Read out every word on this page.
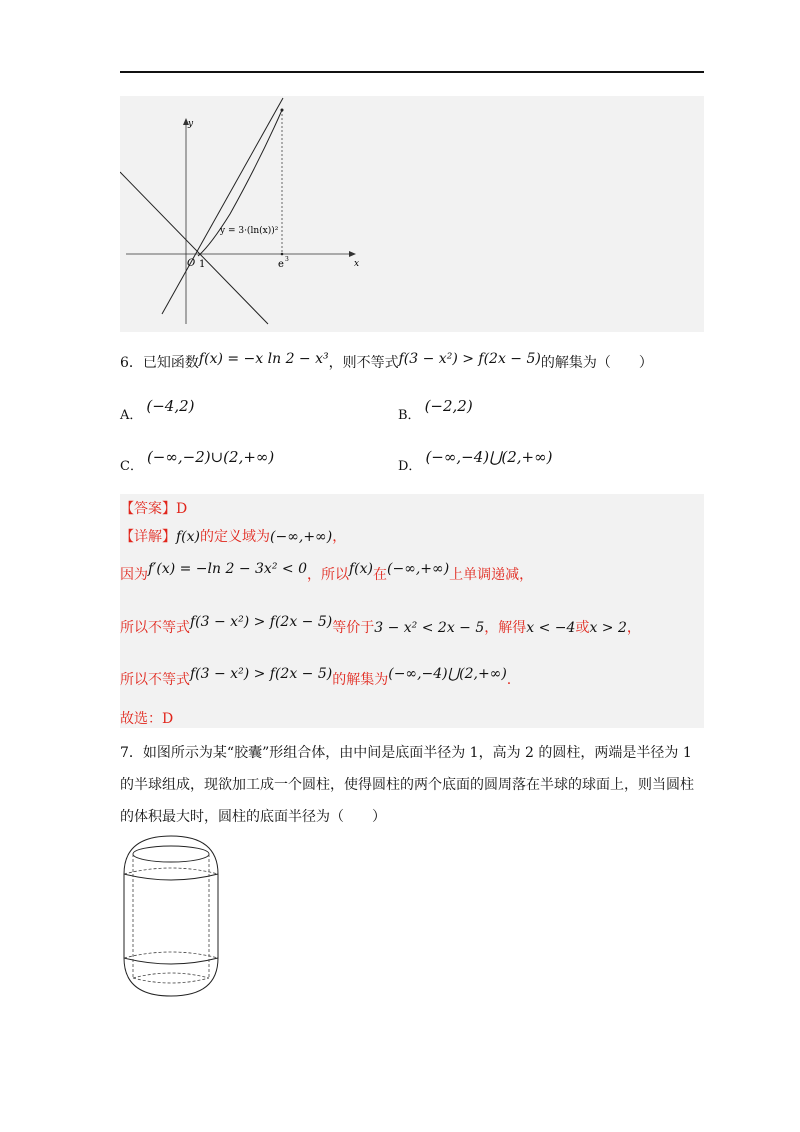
y
x
O 1	e 3
y = 3·(ln(x))²
6．已知函数f(x) = −x ln 2 − x³，则不等式f(3 − x²) > f(2x − 5)的解集为（　　）
A．(−4,2)
B．(−2,2)
C．(−∞,−2)∪(2,+∞)
D．(−∞,−4)⋃(2,+∞)
【答案】D
【详解】f(x)的定义域为(−∞,+∞)，
因为f′(x) = −ln 2 − 3x² < 0，所以f(x)在(−∞,+∞)上单调递减，
所以不等式f(3 − x²) > f(2x − 5)等价于3 − x² < 2x − 5，解得x < −4或x > 2，
所以不等式f(3 − x²) > f(2x − 5)的解集为(−∞,−4)⋃(2,+∞).
故选：D
7．如图所示为某“胶囊”形组合体，由中间是底面半径为 1，高为 2 的圆柱，两端是半径为 1
的半球组成，现欲加工成一个圆柱，使得圆柱的两个底面的圆周落在半球的球面上，则当圆柱
的体积最大时，圆柱的底面半径为（　　）
